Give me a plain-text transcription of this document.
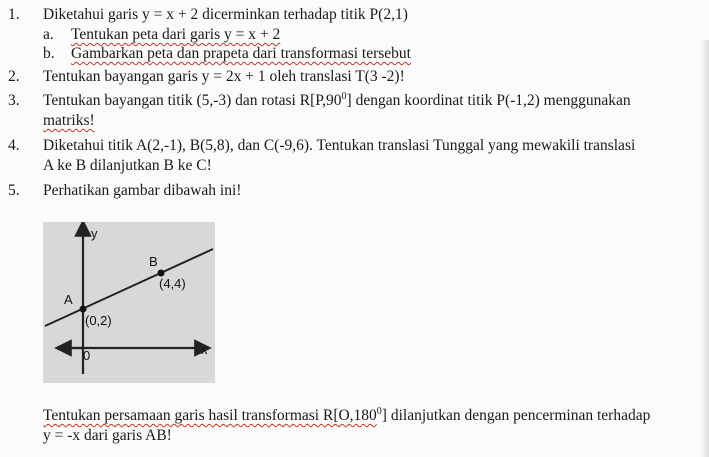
1. Diketahui garis y = x + 2 dicerminkan terhadap titik P(2,1)
a. Tentukan peta dari garis y = x + 2
b. Gambarkan peta dan prapeta dari transformasi tersebut
2. Tentukan bayangan garis y = 2x + 1 oleh translasi T(3 -2)!
3. Tentukan bayangan titik (5,-3) dan rotasi $R[P,90^0]$ dengan koordinat titik P(-1,2) menggunakan
matriks!
4. Diketahui titik A(2,-1), B(5,8), dan C(-9,6). Tentukan translasi Tunggal yang mewakili translasi
A ke B dilanjutkan B ke C!
5. Perhatikan gambar dibawah ini!
y
x
0
A
B
(0,2)
(4,4)
Tentukan persamaan garis hasil transformasi R[O,180$^0$] dilanjutkan dengan pencerminan terhadap
y = -x dari garis AB!
